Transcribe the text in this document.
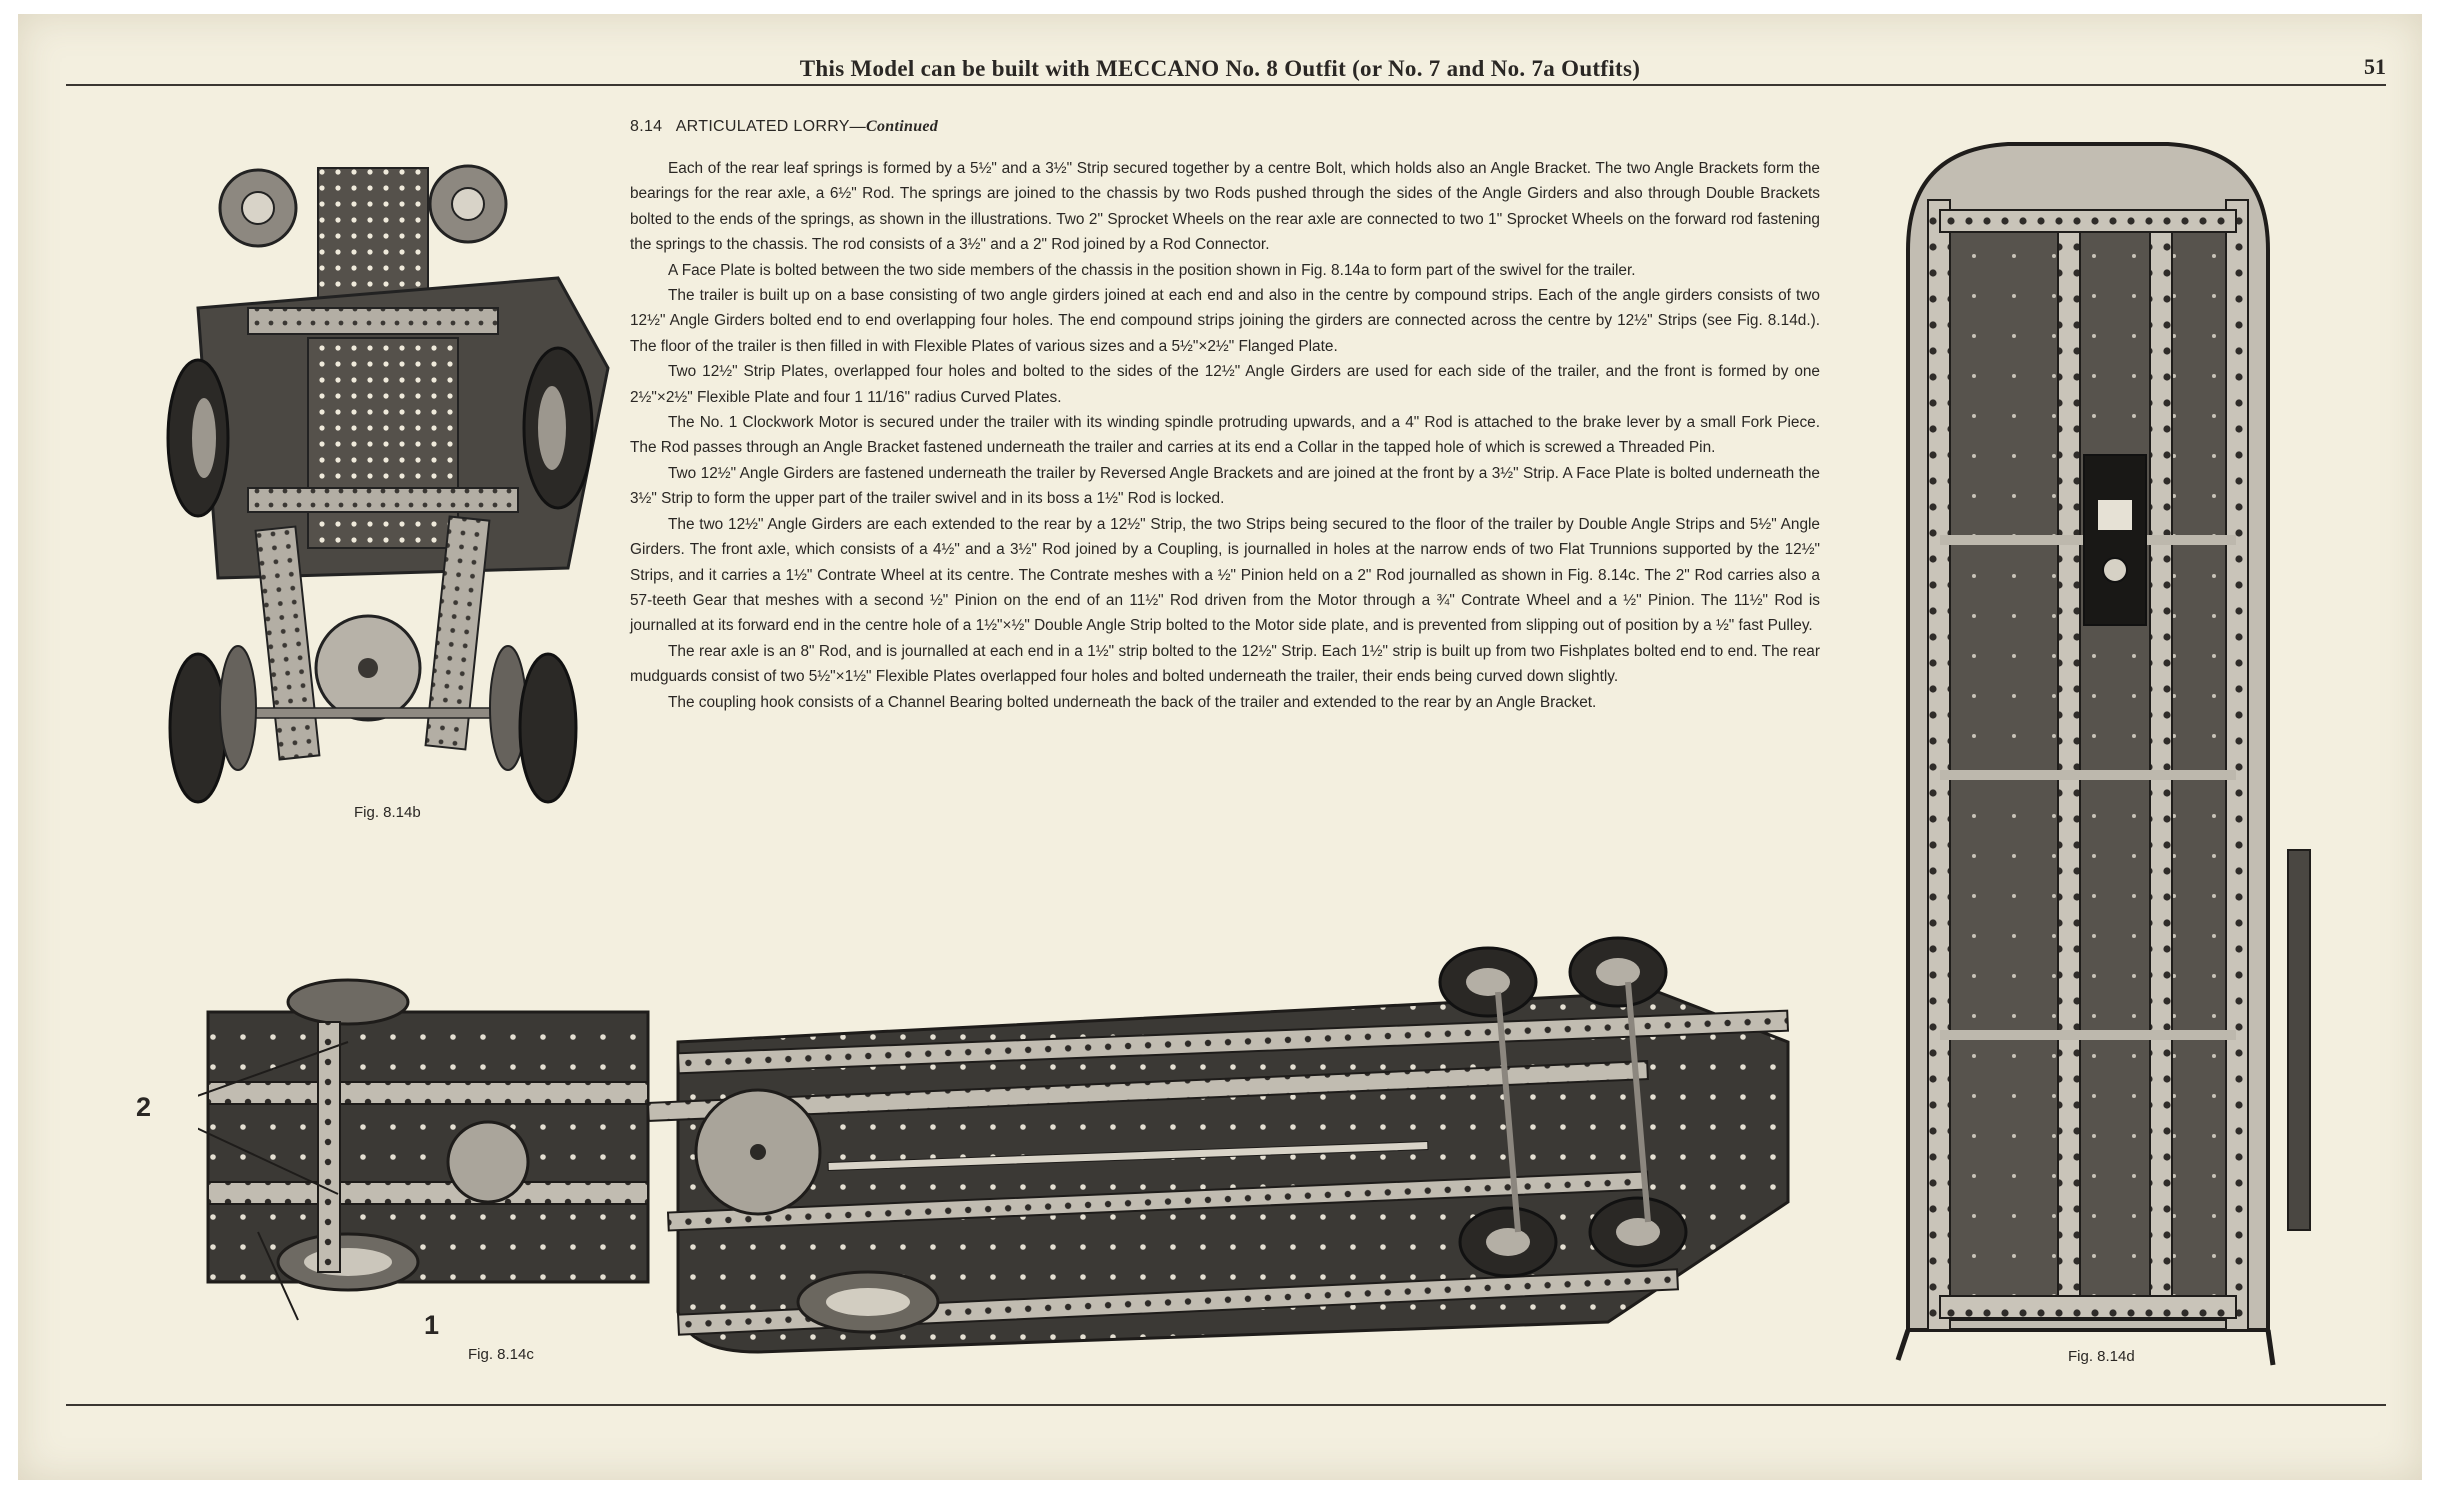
This Model can be built with MECCANO No. 8 Outfit (or No. 7 and No. 7a Outfits)	51
Fig. 8.14b
8.14 ARTICULATED LORRY—Continued

Each of the rear leaf springs is formed by a 5½" and a 3½" Strip secured together by a centre Bolt, which holds also an Angle Bracket. The two Angle Brackets form the bearings for the rear axle, a 6½" Rod. The springs are joined to the chassis by two Rods pushed through the sides of the Angle Girders and also through Double Brackets bolted to the ends of the springs, as shown in the illustrations. Two 2" Sprocket Wheels on the rear axle are connected to two 1" Sprocket Wheels on the forward rod fastening the springs to the chassis. The rod consists of a 3½" and a 2" Rod joined by a Rod Connector.

A Face Plate is bolted between the two side members of the chassis in the position shown in Fig. 8.14a to form part of the swivel for the trailer.

The trailer is built up on a base consisting of two angle girders joined at each end and also in the centre by compound strips. Each of the angle girders consists of two 12½" Angle Girders bolted end to end overlapping four holes. The end compound strips joining the girders are connected across the centre by 12½" Strips (see Fig. 8.14d.). The floor of the trailer is then filled in with Flexible Plates of various sizes and a 5½"×2½" Flanged Plate.

Two 12½" Strip Plates, overlapped four holes and bolted to the sides of the 12½" Angle Girders are used for each side of the trailer, and the front is formed by one 2½"×2½" Flexible Plate and four 1 11/16" radius Curved Plates.

The No. 1 Clockwork Motor is secured under the trailer with its winding spindle protruding upwards, and a 4" Rod is attached to the brake lever by a small Fork Piece. The Rod passes through an Angle Bracket fastened underneath the trailer and carries at its end a Collar in the tapped hole of which is screwed a Threaded Pin.

Two 12½" Angle Girders are fastened underneath the trailer by Reversed Angle Brackets and are joined at the front by a 3½" Strip. A Face Plate is bolted underneath the 3½" Strip to form the upper part of the trailer swivel and in its boss a 1½" Rod is locked.

The two 12½" Angle Girders are each extended to the rear by a 12½" Strip, the two Strips being secured to the floor of the trailer by Double Angle Strips and 5½" Angle Girders. The front axle, which consists of a 4½" and a 3½" Rod joined by a Coupling, is journalled in holes at the narrow ends of two Flat Trunnions supported by the 12½" Strips, and it carries a 1½" Contrate Wheel at its centre. The Contrate meshes with a ½" Pinion held on a 2" Rod journalled as shown in Fig. 8.14c. The 2" Rod carries also a 57-teeth Gear that meshes with a second ½" Pinion on the end of an 11½" Rod driven from the Motor through a ¾" Contrate Wheel and a ½" Pinion. The 11½" Rod is journalled at its forward end in the centre hole of a 1½"×½" Double Angle Strip bolted to the Motor side plate, and is prevented from slipping out of position by a ½" fast Pulley.

The rear axle is an 8" Rod, and is journalled at each end in a 1½" strip bolted to the 12½" Strip. Each 1½" strip is built up from two Fishplates bolted end to end. The rear mudguards consist of two 5½"×1½" Flexible Plates overlapped four holes and bolted underneath the trailer, their ends being curved down slightly.

The coupling hook consists of a Channel Bearing bolted underneath the back of the trailer and extended to the rear by an Angle Bracket.

Fig. 8.14d
2
1
Fig. 8.14c
